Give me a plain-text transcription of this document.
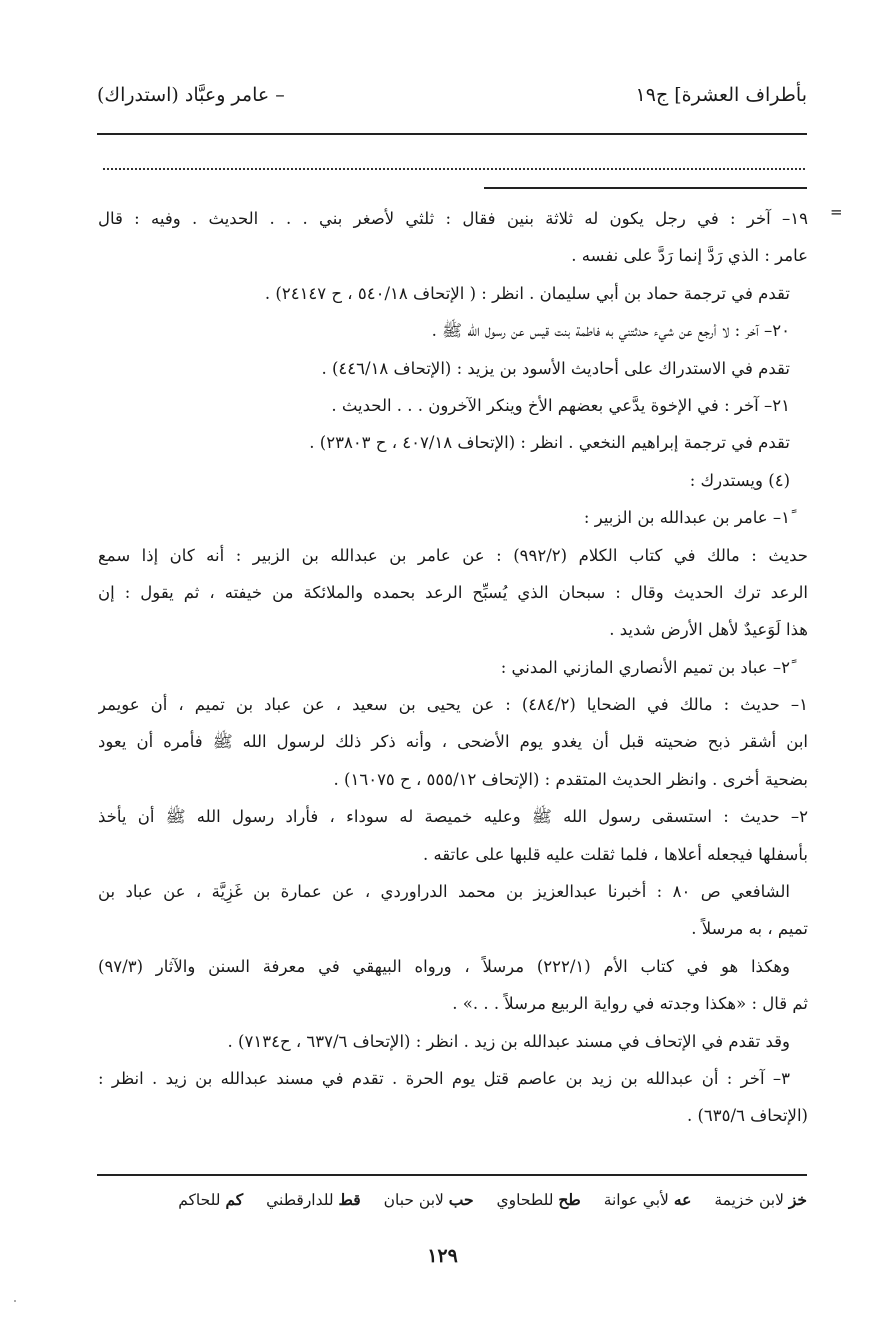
بأطراف العشرة] ج١٩
– عامر وعبَّاد (استدراك)
=
١٩– آخر : في رجل يكون له ثلاثة بنين فقال : ثلثي لأصغر بني . . . الحديث . وفيه : قال
عامر : الذي رَدَّ إنما رَدَّ على نفسه .
تقدم في ترجمة حماد بن أبي سليمان . انظر : ( الإتحاف ٥٤٠/١٨ ، ح ٢٤١٤٧) .
٢٠– آخر : لا أرجع عن شيء حدثتني به فاطمة بنت قيس عن رسول الله ﷺ .
تقدم في الاستدراك على أحاديث الأسود بن يزيد : (الإتحاف ٤٤٦/١٨) .
٢١– آخر : في الإخوة يدَّعي بعضهم الأخ وينكر الآخرون . . . الحديث .
تقدم في ترجمة إبراهيم النخعي . انظر : (الإتحاف ٤٠٧/١٨ ، ح ٢٣٨٠٣) .
(٤) ويستدرك :
١ً– عامر بن عبدالله بن الزبير :
حديث : مالك في كتاب الكلام (٩٩٢/٢) : عن عامر بن عبدالله بن الزبير : أنه كان إذا سمع
الرعد ترك الحديث وقال : سبحان الذي يُسبِّح الرعد بحمده والملائكة من خيفته ، ثم يقول : إن
هذا لَوَعيدٌ لأهل الأرض شديد .
٢ً– عباد بن تميم الأنصاري المازني المدني :
١– حديث : مالك في الضحايا (٤٨٤/٢) : عن يحيى بن سعيد ، عن عباد بن تميم ، أن عويمر
ابن أشقر ذبح ضحيته قبل أن يغدو يوم الأضحى ، وأنه ذكر ذلك لرسول الله ﷺ فأمره أن يعود
بضحية أخرى . وانظر الحديث المتقدم : (الإتحاف ٥٥٥/١٢ ، ح ١٦٠٧٥) .
٢– حديث : استسقى رسول الله ﷺ وعليه خميصة له سوداء ، فأراد رسول الله ﷺ أن يأخذ
بأسفلها فيجعله أعلاها ، فلما ثقلت عليه قلبها على عاتقه .
الشافعي ص ٨٠ : أخبرنا عبدالعزيز بن محمد الدراوردي ، عن عمارة بن غَزِيَّة ، عن عباد بن
تميم ، به مرسلاً .
وهكذا هو في كتاب الأم (٢٢٢/١) مرسلاً ، ورواه البيهقي في معرفة السنن والآثار (٩٧/٣)
ثم قال : «هكذا وجدته في رواية الربيع مرسلاً . . .» .
وقد تقدم في الإتحاف في مسند عبدالله بن زيد . انظر : (الإتحاف ٦٣٧/٦ ، ح٧١٣٤) .
٣– آخر : أن عبدالله بن زيد بن عاصم قتل يوم الحرة . تقدم في مسند عبدالله بن زيد . انظر :
(الإتحاف ٦٣٥/٦) .
خز لابن خزيمة عه لأبي عوانة طح للطحاوي حب لابن حبان قط للدارقطني كم للحاكم
١٢٩
